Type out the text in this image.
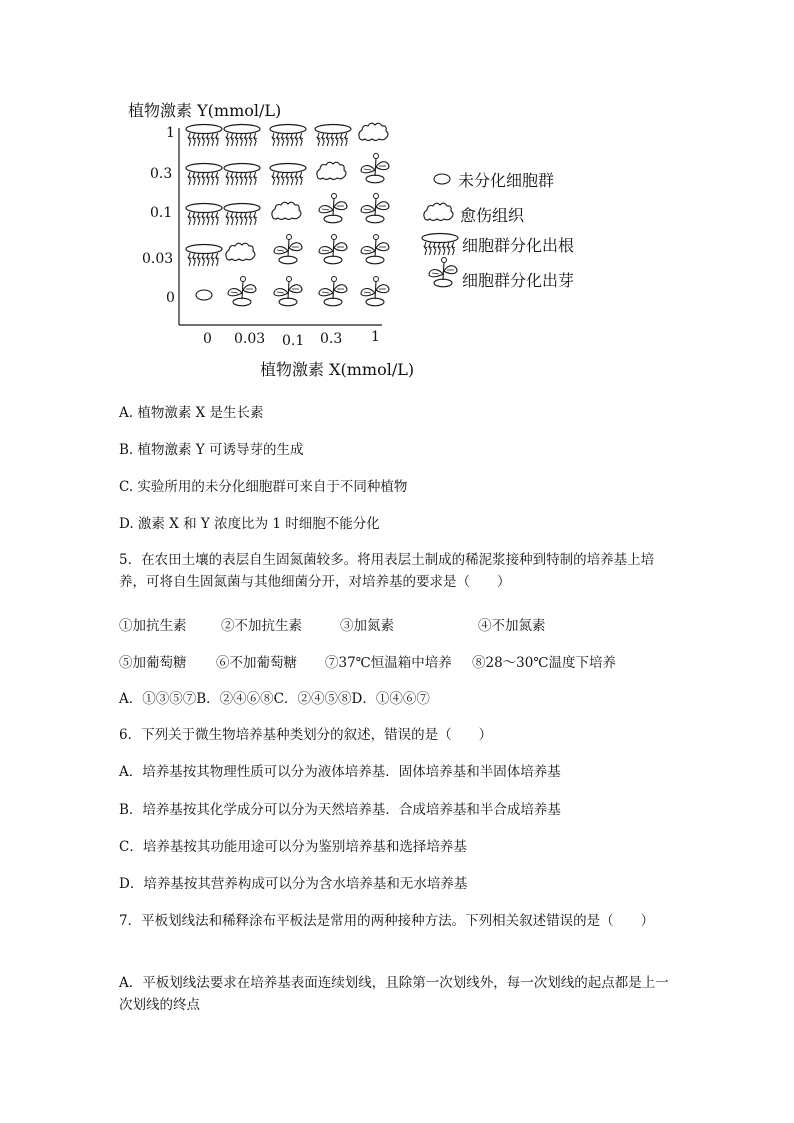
植物激素 Y(mmol/L)
植物激素 X(mmol/L)
1
0.3
0.1
0.03
0
0 0.03 0.1 0.3 1
未分化细胞群
愈伤组织
细胞群分化出根
细胞群分化出芽
A. 植物激素 X 是生长素
B. 植物激素 Y 可诱导芽的生成
C. 实验所用的未分化细胞群可来自于不同种植物
D. 激素 X 和 Y 浓度比为 1 时细胞不能分化
5．在农田土壤的表层自生固氮菌较多。将用表层土制成的稀泥浆接种到特制的培养基上培养，可将自生固氮菌与其他细菌分开，对培养基的要求是（　　）
①加抗生素	②不加抗生素	③加氮素	④不加氮素
⑤加葡萄糖 ⑥不加葡萄糖 ⑦37℃恒温箱中培养 ⑧28～30℃温度下培养
A．①③⑤⑦B．②④⑥⑧C．②④⑤⑧D．①④⑥⑦
6．下列关于微生物培养基种类划分的叙述，错误的是（　　）
A．培养基按其物理性质可以分为液体培养基．固体培养基和半固体培养基
B．培养基按其化学成分可以分为天然培养基．合成培养基和半合成培养基
C．培养基按其功能用途可以分为鉴别培养基和选择培养基
D．培养基按其营养构成可以分为含水培养基和无水培养基
7．平板划线法和稀释涂布平板法是常用的两种接种方法。下列相关叙述错误的是（　　）
A．平板划线法要求在培养基表面连续划线，且除第一次划线外，每一次划线的起点都是上一次划线的终点
